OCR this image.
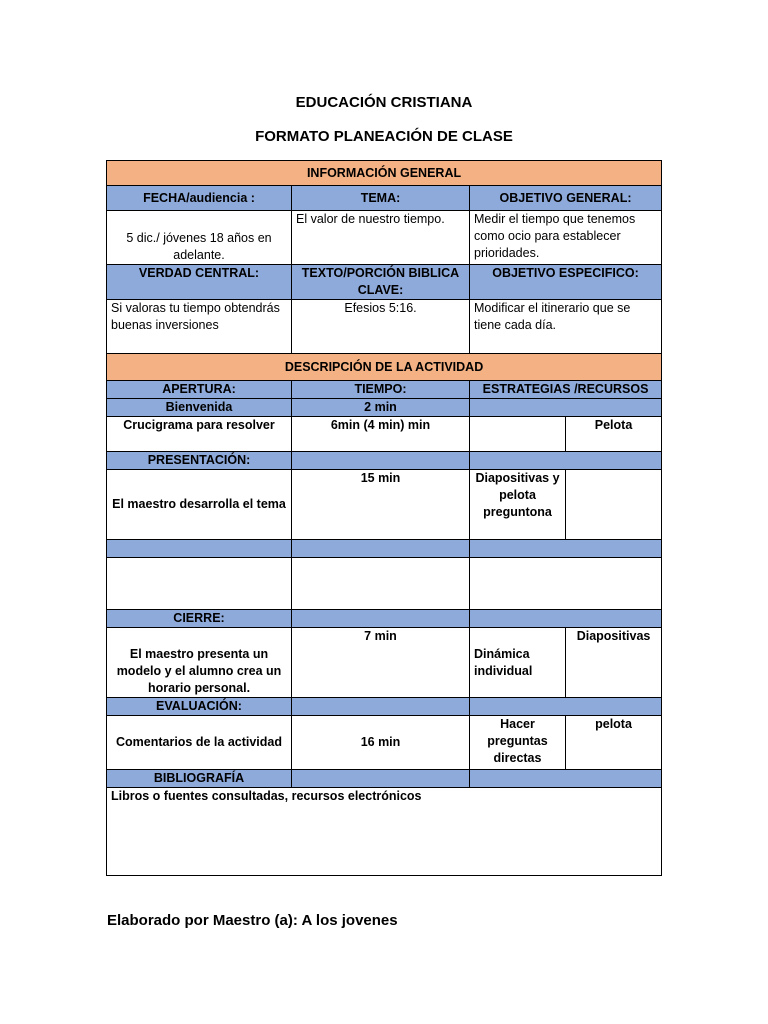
EDUCACIÓN CRISTIANA
FORMATO PLANEACIÓN DE CLASE
INFORMACIÓN GENERAL			
FECHA/audiencia :	TEMA:	OBJETIVO GENERAL:	
5 dic./ jóvenes 18 años en adelante.	El valor de nuestro tiempo.	Medir el tiempo que tenemos como ocio para establecer prioridades.	
VERDAD CENTRAL:	TEXTO/PORCIÓN BIBLICA CLAVE:	OBJETIVO ESPECIFICO:	
Si valoras tu tiempo obtendrás buenas inversiones	Efesios 5:16.	Modificar el itinerario que se tiene cada día.	
DESCRIPCIÓN DE LA ACTIVIDAD			
APERTURA:	TIEMPO:	ESTRATEGIAS /RECURSOS	
Bienvenida	2 min		
Crucigrama para resolver	6min (4 min) min		Pelota
PRESENTACIÓN:			
El maestro desarrolla el tema	15 min	Diapositivas y pelota preguntona	

CIERRE:			
El maestro presenta un modelo y el alumno crea un horario personal.	7 min	Dinámica individual	Diapositivas
EVALUACIÓN:			
Comentarios de la actividad	16 min	Hacer preguntas directas	pelota
BIBLIOGRAFÍA			
Libros o fuentes consultadas, recursos electrónicos			
Elaborado por Maestro (a): A los jovenes
